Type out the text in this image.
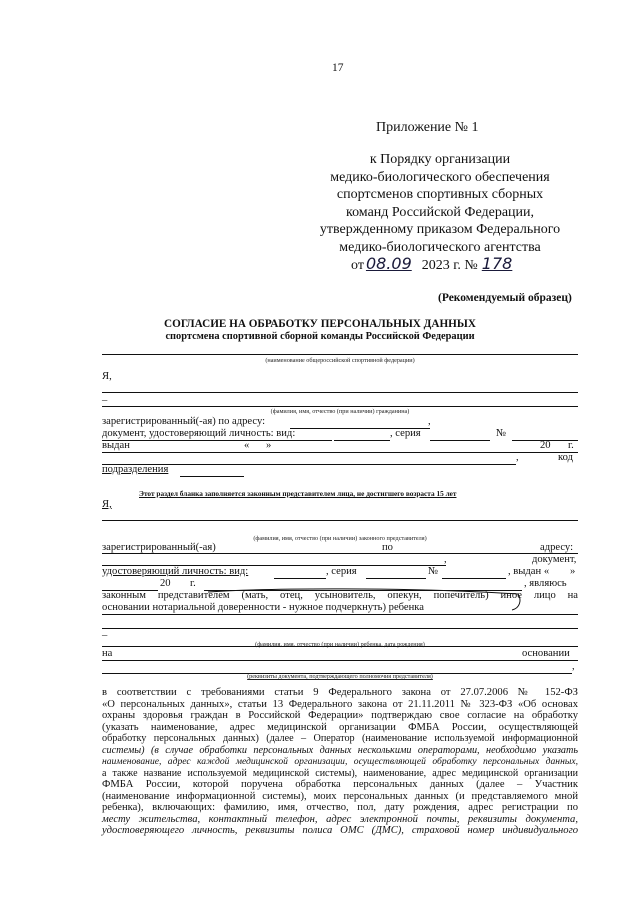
17
Приложение № 1
к Порядку организации
медико-биологического обеспечения
спортсменов спортивных сборных
команд Российской Федерации,
утвержденному приказом Федерального
медико-биологического агентства
от 08.09 2023 г. № 178
(Рекомендуемый образец)
СОГЛАСИЕ НА ОБРАБОТКУ ПЕРСОНАЛЬНЫХ ДАННЫХ
спортсмена спортивной сборной команды Российской Федерации
(наименование общероссийской спортивной федерации)
Я,
–
(фамилия, имя, отчество (при наличии) гражданина)
зарегистрированный(-ая) по адресу:	,
документ, удостоверяющий личность: вид:	, серия	№
выдан	« »	20 г.
,	код
подразделения
Этот раздел бланка заполняется законным представителем лица, не достигшего возраста 15 лет
Я,
(фамилия, имя, отчество (при наличии) законного представителя)
зарегистрированный(-ая)	по	адресу:
,	документ,
удостоверяющий личность: вид:	, серия	№	, выдан « »
20 г.	, являюсь
законным представителем (мать, отец, усыновитель, опекун, попечитель) иное лицо на
основании нотариальной доверенности - нужное подчеркнуть) ребенка
–
(фамилия, имя, отчество (при наличии) ребенка, дата рождения)
на	основании
,
(реквизиты документа, подтверждающего полномочия представителя)
в соответствии с требованиями статьи 9 Федерального закона от 27.07.2006 № 152-ФЗ
«О персональных данных», статьи 13 Федерального закона от 21.11.2011 № 323-ФЗ «Об основах
охраны здоровья граждан в Российской Федерации» подтверждаю свое согласие на обработку
(указать наименование, адрес медицинской организации ФМБА России, осуществляющей
обработку персональных данных) (далее – Оператор (наименование используемой информационной
системы) (в случае обработки персональных данных несколькими операторами, необходимо указать
наименование, адрес каждой медицинской организации, осуществляющей обработку персональных данных,
а также название используемой медицинской системы), наименование, адрес медицинской организации
ФМБА России, которой поручена обработка персональных данных (далее – Участник
(наименование информационной системы), моих персональных данных (и представляемого мной
ребенка), включающих: фамилию, имя, отчество, пол, дату рождения, адрес регистрации по
месту жительства, контактный телефон, адрес электронной почты, реквизиты документа,
удостоверяющего личность, реквизиты полиса ОМС (ДМС), страховой номер индивидуального
